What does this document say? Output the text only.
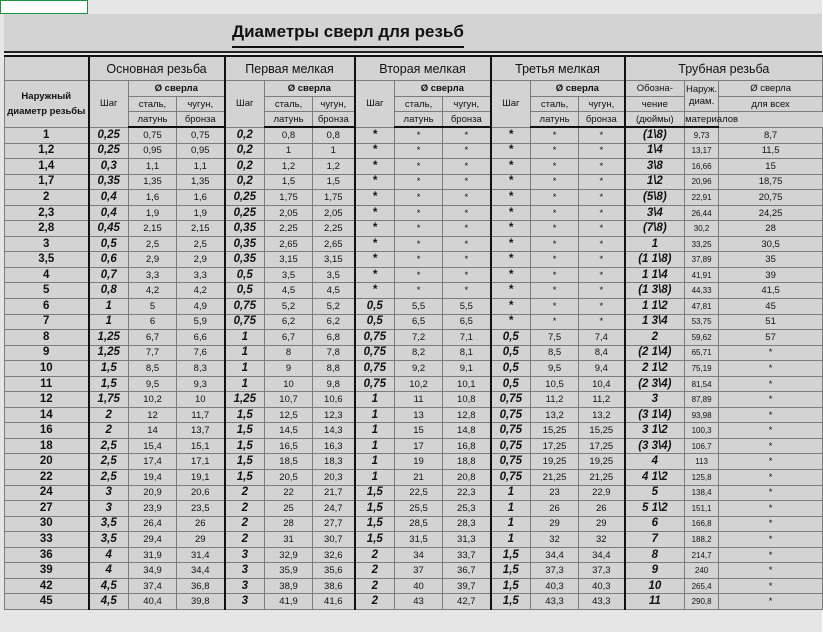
Диаметры сверл для резьб
	Основная резьба			Первая мелкая			Вторая мелкая			Третья мелкая			Трубная резьба		

Наружный диаметр резьбы	Шаг	Ø сверла		Шаг	Ø сверла		Шаг	Ø сверла		Шаг	Ø сверла		Обозна-	Наруж.
диам.	Ø сверла
		сталь,	чугун,		сталь,	чугун,		сталь,	чугун,		сталь,	чугун,	чение		для всех
		латунь	бронза		латунь	бронза		латунь	бронза		латунь	бронза	(дюймы)	материалов	
1	0,25	0,75	0,75	0,2	0,8	0,8	*	*	*	*	*	*	(1\8)	9,73	8,7
1,2	0,25	0,95	0,95	0,2	1	1	*	*	*	*	*	*	1\4	13,17	11,5
1,4	0,3	1,1	1,1	0,2	1,2	1,2	*	*	*	*	*	*	3\8	16,66	15
1,7	0,35	1,35	1,35	0,2	1,5	1,5	*	*	*	*	*	*	1\2	20,96	18,75
2	0,4	1,6	1,6	0,25	1,75	1,75	*	*	*	*	*	*	(5\8)	22,91	20,75
2,3	0,4	1,9	1,9	0,25	2,05	2,05	*	*	*	*	*	*	3\4	26,44	24,25
2,8	0,45	2,15	2,15	0,35	2,25	2,25	*	*	*	*	*	*	(7\8)	30,2	28
3	0,5	2,5	2,5	0,35	2,65	2,65	*	*	*	*	*	*	1	33,25	30,5
3,5	0,6	2,9	2,9	0,35	3,15	3,15	*	*	*	*	*	*	(1 1\8)	37,89	35
4	0,7	3,3	3,3	0,5	3,5	3,5	*	*	*	*	*	*	1 1\4	41,91	39
5	0,8	4,2	4,2	0,5	4,5	4,5	*	*	*	*	*	*	(1 3\8)	44,33	41,5
6	1	5	4,9	0,75	5,2	5,2	0,5	5,5	5,5	*	*	*	1 1\2	47,81	45
7	1	6	5,9	0,75	6,2	6,2	0,5	6,5	6,5	*	*	*	1 3\4	53,75	51
8	1,25	6,7	6,6	1	6,7	6,8	0,75	7,2	7,1	0,5	7,5	7,4	2	59,62	57
9	1,25	7,7	7,6	1	8	7,8	0,75	8,2	8,1	0,5	8,5	8,4	(2 1\4)	65,71	*
10	1,5	8,5	8,3	1	9	8,8	0,75	9,2	9,1	0,5	9,5	9,4	2 1\2	75,19	*
11	1,5	9,5	9,3	1	10	9,8	0,75	10,2	10,1	0,5	10,5	10,4	(2 3\4)	81,54	*
12	1,75	10,2	10	1,25	10,7	10,6	1	11	10,8	0,75	11,2	11,2	3	87,89	*
14	2	12	11,7	1,5	12,5	12,3	1	13	12,8	0,75	13,2	13,2	(3 1\4)	93,98	*
16	2	14	13,7	1,5	14,5	14,3	1	15	14,8	0,75	15,25	15,25	3 1\2	100,3	*
18	2,5	15,4	15,1	1,5	16,5	16,3	1	17	16,8	0,75	17,25	17,25	(3 3\4)	106,7	*
20	2,5	17,4	17,1	1,5	18,5	18,3	1	19	18,8	0,75	19,25	19,25	4	113	*
22	2,5	19,4	19,1	1,5	20,5	20,3	1	21	20,8	0,75	21,25	21,25	4 1\2	125,8	*
24	3	20,9	20,6	2	22	21,7	1,5	22,5	22,3	1	23	22,9	5	138,4	*
27	3	23,9	23,5	2	25	24,7	1,5	25,5	25,3	1	26	26	5 1\2	151,1	*
30	3,5	26,4	26	2	28	27,7	1,5	28,5	28,3	1	29	29	6	166,8	*
33	3,5	29,4	29	2	31	30,7	1,5	31,5	31,3	1	32	32	7	188,2	*
36	4	31,9	31,4	3	32,9	32,6	2	34	33,7	1,5	34,4	34,4	8	214,7	*
39	4	34,9	34,4	3	35,9	35,6	2	37	36,7	1,5	37,3	37,3	9	240	*
42	4,5	37,4	36,8	3	38,9	38,6	2	40	39,7	1,5	40,3	40,3	10	265,4	*
45	4,5	40,4	39,8	3	41,9	41,6	2	43	42,7	1,5	43,3	43,3	11	290,8	*
